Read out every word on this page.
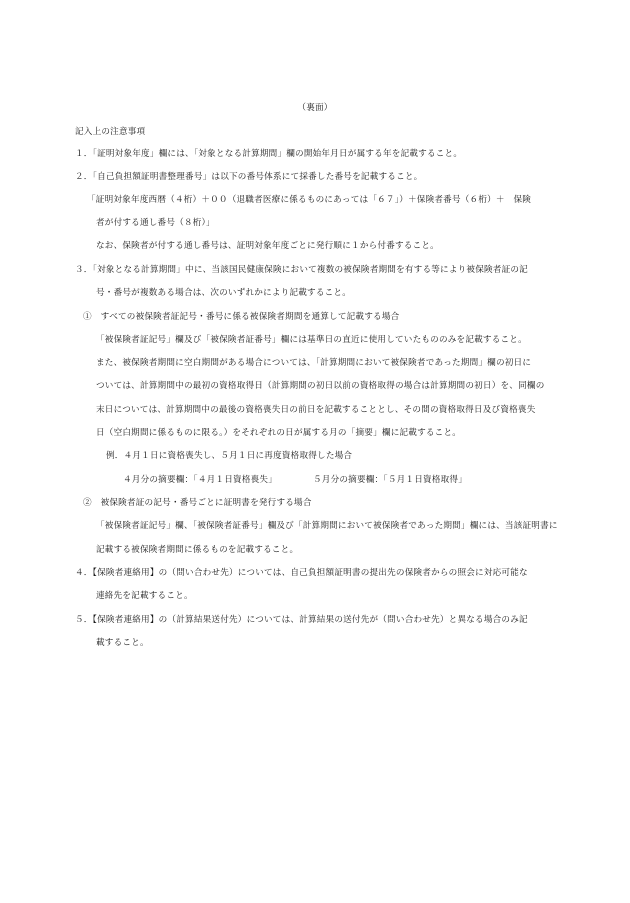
（裏面）
記入上の注意事項
１．「証明対象年度」欄には、「対象となる計算期間」欄の開始年月日が属する年を記載すること。
２．「自己負担額証明書整理番号」は以下の番号体系にて採番した番号を記載すること。
「証明対象年度西暦（４桁）＋００（退職者医療に係るものにあっては「６７」）＋保険者番号（６桁）＋　保険
者が付する通し番号（８桁）」
なお、保険者が付する通し番号は、証明対象年度ごとに発行順に１から付番すること。
３．「対象となる計算期間」中に、当該国民健康保険において複数の被保険者期間を有する等により被保険者証の記
号・番号が複数ある場合は、次のいずれかにより記載すること。
①　すべての被保険者証記号・番号に係る被保険者期間を通算して記載する場合
「被保険者証記号」欄及び「被保険者証番号」欄には基準日の直近に使用していたもののみを記載すること。
また、被保険者期間に空白期間がある場合については、「計算期間において被保険者であった期間」欄の初日に
ついては、計算期間中の最初の資格取得日（計算期間の初日以前の資格取得の場合は計算期間の初日）を、同欄の
末日については、計算期間中の最後の資格喪失日の前日を記載することとし、その間の資格取得日及び資格喪失
日（空白期間に係るものに限る。）をそれぞれの日が属する月の「摘要」欄に記載すること。
例．４月１日に資格喪失し、５月１日に再度資格取得した場合
４月分の摘要欄：「４月１日資格喪失」	５月分の摘要欄：「５月１日資格取得」
②　被保険者証の記号・番号ごとに証明書を発行する場合
「被保険者証記号」欄、「被保険者証番号」欄及び「計算期間において被保険者であった期間」欄には、当該証明書に
記載する被保険者期間に係るものを記載すること。
４．【保険者連絡用】の（問い合わせ先）については、自己負担額証明書の提出先の保険者からの照会に対応可能な
連絡先を記載すること。
５．【保険者連絡用】の（計算結果送付先）については、計算結果の送付先が（問い合わせ先）と異なる場合のみ記
載すること。
